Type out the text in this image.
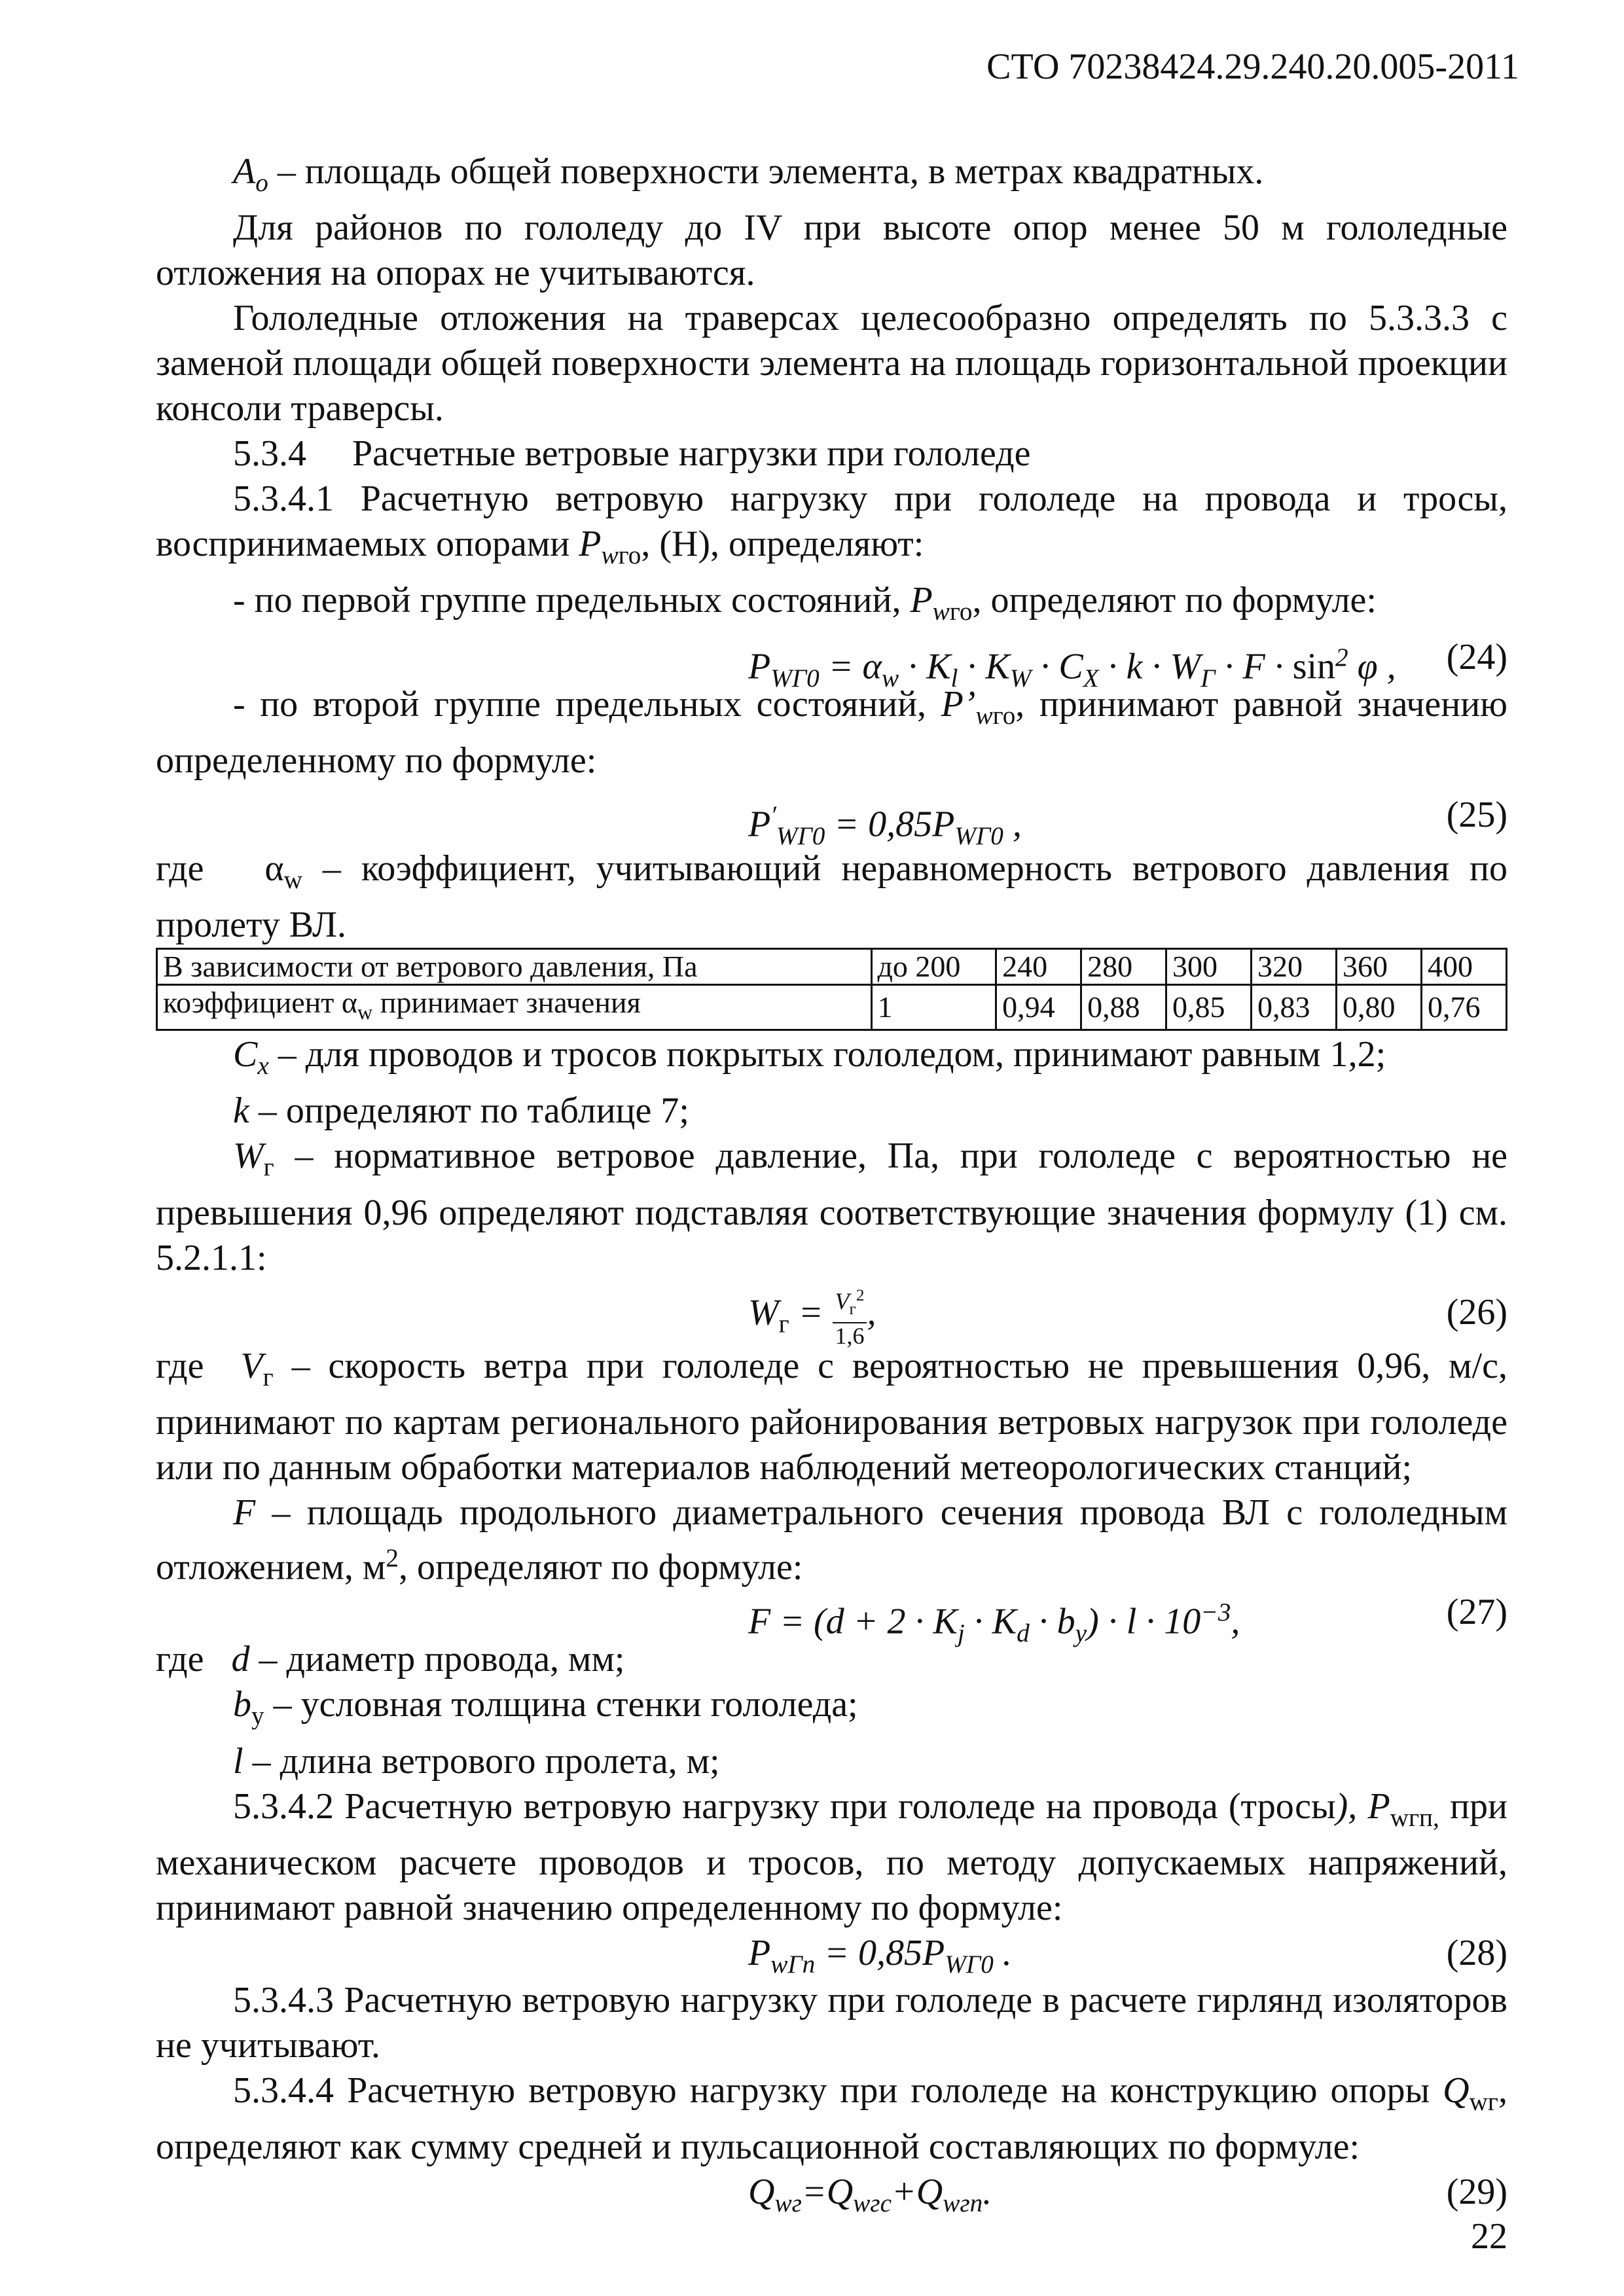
СТО 70238424.29.240.20.005-2011

$A_о$ – площадь общей поверхности элемента, в метрах квадратных.

Для районов по гололеду до IV при высоте опор менее 50 м гололедные отложения на опорах не учитываются.

Гололедные отложения на траверсах целесообразно определять по 5.3.3.3 с заменой площади общей поверхности элемента на площадь горизонтальной проекции консоли траверсы.

5.3.4 Расчетные ветровые нагрузки при гололеде

5.3.4.1 Расчетную ветровую нагрузку при гололеде на провода и тросы, воспринимаемых опорами $P_{wго}$, (Н), определяют:

- по первой группе предельных состояний, $P_{wго}$, определяют по формуле:

$P_{WГ0} = \alpha_w \cdot K_l \cdot K_W \cdot C_X \cdot k \cdot W_Г \cdot F \cdot \sin^2 \varphi$ , (24)

- по второй группе предельных состояний, $P’_{wго}$, принимают равной значению определенному по формуле:

$P'_{WГ0} = 0,85P_{WГ0}$ ,	(25)

где   $\alpha_w$ – коэффициент, учитывающий неравномерность ветрового давления по пролету ВЛ.

В зависимости от ветрового давления, Па	до 200	240	280	300	320	360	400
коэффициент $\alpha_w$ принимает значения	1	0,94	0,88	0,85	0,83	0,80	0,76

$C_x$ – для проводов и тросов покрытых гололедом, принимают равным 1,2;

k – определяют по таблице 7;

$W_г$ – нормативное ветровое давление, Па, при гололеде с вероятностью не превышения 0,96 определяют подставляя соответствующие значения формулу (1) см. 5.2.1.1:

$W_г = V_г^2$
1,6
,	(26)

где $V_г$ – скорость ветра при гололеде с вероятностью не превышения 0,96, м/с, принимают по картам регионального районирования ветровых нагрузок при гололеде или по данным обработки материалов наблюдений метеорологических станций;

F – площадь продольного диаметрального сечения провода ВЛ с гололедным отложением, $м^2$, определяют по формуле:

$F = (d + 2 \cdot K_j \cdot K_d \cdot b_y) \cdot l \cdot 10^{-3}$,	(27)

где   d – диаметр провода, мм;

$b_у$ – условная толщина стенки гололеда;

l – длина ветрового пролета, м;

5.3.4.2 Расчетную ветровую нагрузку при гололеде на провода (тросы), $P_{wгп,}$ при механическом расчете проводов и тросов, по методу допускаемых напряжений, принимают равной значению определенному по формуле:

$P_{wГп} = 0,85P_{WГ0}$ .	(28)

5.3.4.3 Расчетную ветровую нагрузку при гололеде в расчете гирлянд изоляторов не учитывают.

5.3.4.4 Расчетную ветровую нагрузку при гололеде на конструкцию опоры $Q_{wг}$, определяют как сумму средней и пульсационной составляющих по формуле:

$Q_{wг}=Q_{wгс}+Q_{wгп}$.	(29)
22
